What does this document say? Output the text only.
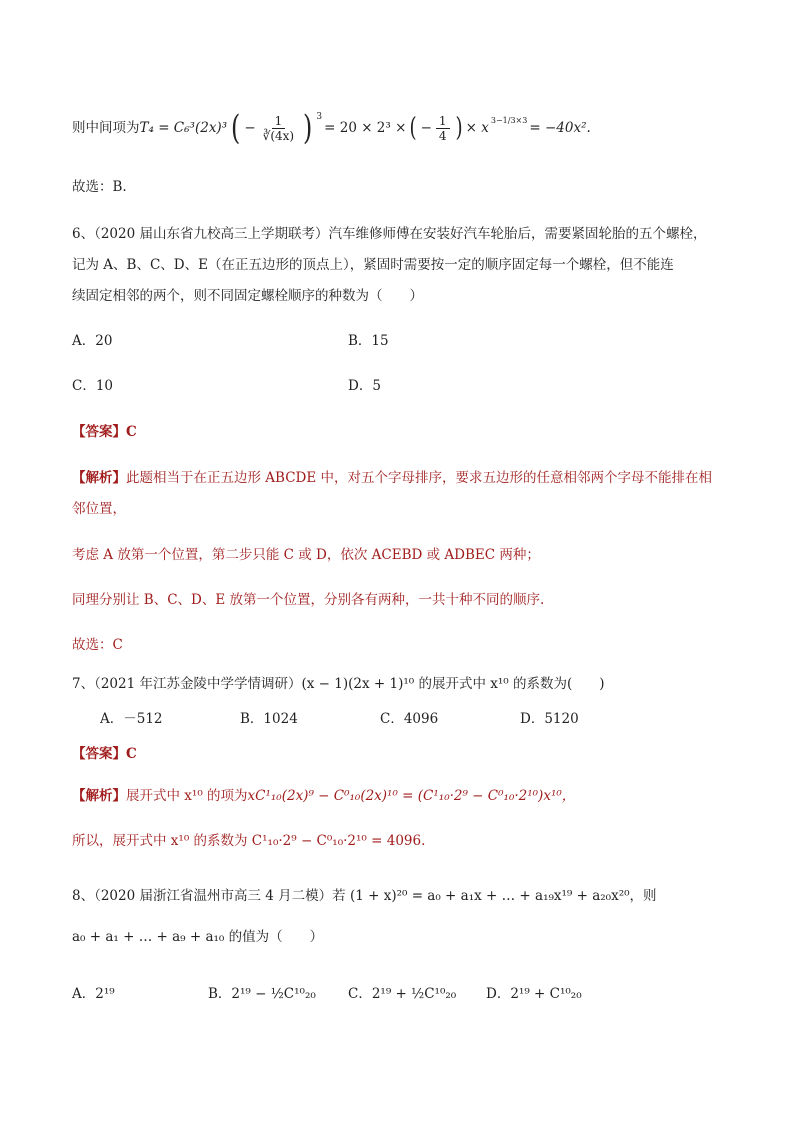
则中间项为 T₄ = C₆³(2x)³ ( − $\frac{1}{∛(4x)}$ ) 3
= 20 × 2³ × ( − $\frac{1}{4}$ ) × x 3−1/3×3 = −40x².
故选：B.
6、（2020 届山东省九校高三上学期联考）汽车维修师傅在安装好汽车轮胎后，需要紧固轮胎的五个螺栓，
记为 A、B、C、D、E（在正五边形的顶点上），紧固时需要按一定的顺序固定每一个螺栓，但不能连
续固定相邻的两个，则不同固定螺栓顺序的种数为（　　）
A．20	B．15
C．10	D．5
【答案】C
【解析】此题相当于在正五边形 ABCDE 中，对五个字母排序，要求五边形的任意相邻两个字母不能排在相
邻位置，
考虑 A 放第一个位置，第二步只能 C 或 D，依次 ACEBD 或 ADBEC 两种；
同理分别让 B、C、D、E 放第一个位置，分别各有两种，一共十种不同的顺序.
故选：C
7、（2021 年江苏金陵中学学情调研）(x − 1)(2x + 1)¹⁰ 的展开式中 x¹⁰ 的系数为(　　)
A．－512	B．1024	C．4096	D．5120
【答案】C
【解析】展开式中 x¹⁰ 的项为xC¹₁₀(2x)⁹ − C⁰₁₀(2x)¹⁰ = (C¹₁₀·2⁹ − C⁰₁₀·2¹⁰)x¹⁰，
所以，展开式中 x¹⁰ 的系数为 C¹₁₀·2⁹ − C⁰₁₀·2¹⁰ = 4096.
8、（2020 届浙江省温州市高三 4 月二模）若 (1 + x)²⁰ = a₀ + a₁x + … + a₁₉x¹⁹ + a₂₀x²⁰，则
a₀ + a₁ + … + a₉ + a₁₀ 的值为（　　）
A．2¹⁹	B．2¹⁹ − ½C¹⁰₂₀ C．2¹⁹ + ½C¹⁰₂₀ D．2¹⁹ + C¹⁰₂₀
